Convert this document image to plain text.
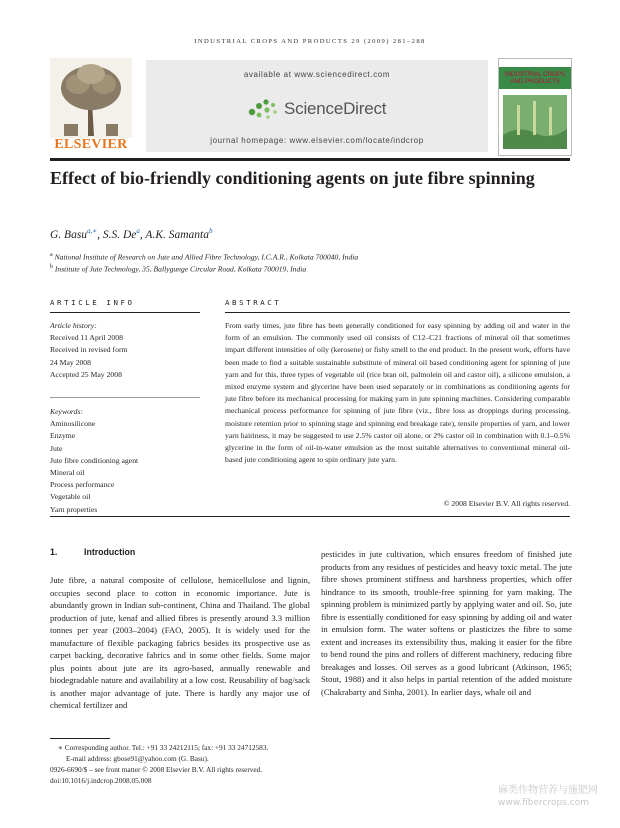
INDUSTRIAL CROPS AND PRODUCTS 29 (2009) 281–288
ELSEVIER
available at www.sciencedirect.com
ScienceDirect
journal homepage: www.elsevier.com/locate/indcrop
INDUSTRIAL CROPS AND PRODUCTS
Effect of bio-friendly conditioning agents on jute fibre spinning
G. Basu$^{a,∗}$, S.S. De$^a$, A.K. Samanta$^b$
$^a$ National Institute of Research on Jute and Allied Fibre Technology, I.C.A.R., Kolkata 700040, India
$^b$ Institute of Jute Technology, 35, Ballygunge Circular Road, Kolkata 700019, India
ARTICLE INFO	ABSTRACT
Article history:
Received 11 April 2008
Received in revised form
24 May 2008
Accepted 25 May 2008
Keywords:
Aminosilicone
Enzyme
Jute
Jute fibre conditioning agent
Mineral oil
Process performance
Vegetable oil
Yarn properties
From early times, jute fibre has been generally conditioned for easy spinning by adding oil and water in the form of an emulsion. The commonly used oil consists of C12–C21 fractions of mineral oil that sometimes impart different intensities of oily (kerosene) or fishy smell to the end product. In the present work, efforts have been made to find a suitable sustainable substitute of mineral oil based conditioning agent for spinning of jute yarn and for this, three types of vegetable oil (rice bran oil, palmolein oil and castor oil), a silicone emulsion, a mixed enzyme system and glycerine have been used separately or in combinations as conditioning agents for jute fibre before its mechanical processing for making yarn in jute spinning machines. Considering comparable mechanical process performance for spinning of jute fibre (viz., fibre loss as droppings during processing, moisture retention prior to spinning stage and spinning end breakage rate), tensile properties of yarn, and lower yarn hairiness, it may be suggested to use 2.5% castor oil alone, or 2% castor oil in combination with 0.1–0.5% glycerine in the form of oil-in-water emulsion as the most suitable alternatives to conventional mineral oil-based jute conditioning agent to spin ordinary jute yarn.
© 2008 Elsevier B.V. All rights reserved.
1.	Introduction
Jute fibre, a natural composite of cellulose, hemicellulose and lignin, occupies second place to cotton in economic importance. Jute is abundantly grown in Indian sub-continent, China and Thailand. The global production of jute, kenaf and allied fibres is presently around 3.3 million tonnes per year (2003–2004) (FAO, 2005). It is widely used for the manufacture of flexible packaging fabrics besides its prospective use as carpet backing, decorative fabrics and in some other fields. Some major plus points about jute are its agro-based, annually renewable and biodegradable nature and availability at a low cost. Reusability of bag/sack is another major advantage of jute. There is hardly any major use of chemical fertilizer and
pesticides in jute cultivation, which ensures freedom of finished jute products from any residues of pesticides and heavy toxic metal. The jute fibre shows prominent stiffness and harshness properties, which offer hindrance to its smooth, trouble-free spinning for yarn making. The spinning problem is minimized partly by applying water and oil. So, jute fibre is essentially conditioned for easy spinning by adding oil and water in emulsion form. The water softens or plasticizes the fibre to some extent and increases its extensibility thus, making it easier for the fibre to bend round the pins and rollers of different machinery, reducing fibre breakages and losses. Oil serves as a good lubricant (Atkinson, 1965; Stout, 1988) and it also helps in partial retention of the added moisture (Chakrabarty and Sinha, 2001). In earlier days, whale oil and
∗ Corresponding author. Tel.: +91 33 24212115; fax: +91 33 24712583.
E-mail address: gbose91@yahoo.com (G. Basu).
0926-6690/$ – see front matter © 2008 Elsevier B.V. All rights reserved.
doi:10.1016/j.indcrop.2008.05.008
麻类作物营养与施肥网
www.fibercrops.com
